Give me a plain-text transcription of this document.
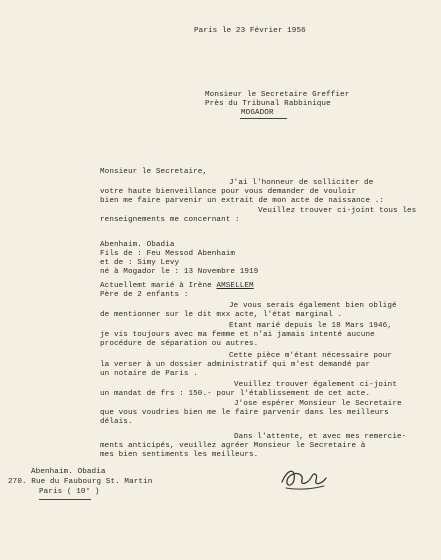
Paris le 23 Février 1956
Monsieur le Secretaire Greffier
Près du Tribunal Rabbinique
MOGADOR
Monsieur le Secretaire,
J'ai l'honneur de solliciter de
votre haute bienveillance pour vous demander de vouloir
bien me faire parvenir un extrait de mon acte de naissance .:
Veuillez trouver ci-joint tous les
renseignements me concernant :
Abenhaim. Obadia
Fils de : Feu Messod Abenhaim
et de : Simy Levy
né à Mogador le : 13 Novembre 1919
Actuellemt marié à Irène AMSELLEM
Père de 2 enfants :
Je vous serais également bien obligé
de mentionner sur le dit mxx acte, l'état marginal .
Etant marié depuis le 18 Mars 1946,
je vis toujours avec ma femme et n'ai jamais intenté aucune
procédure de séparation ou autres.
Cette pièce m'étant nécessaire pour
la verser à un dossier administratif qui m'est demandé par
un notaire de Paris .
Veuillez trouver également ci-joint
un mandat de frs : 150.- pour l'établissement de cet acte.
J'ose espérer Monsieur le Secretaire
que vous voudries bien me le faire parvenir dans les meilleurs
délais.
Dans l'attente, et avec mes remercie-
ments anticipés, veuillez agréer Monsieur le Secretaire à
mes bien sentiments les meilleurs.
Abenhaim. Obadia
270. Rue du Faubourg St. Martin
Paris ( 10° )
